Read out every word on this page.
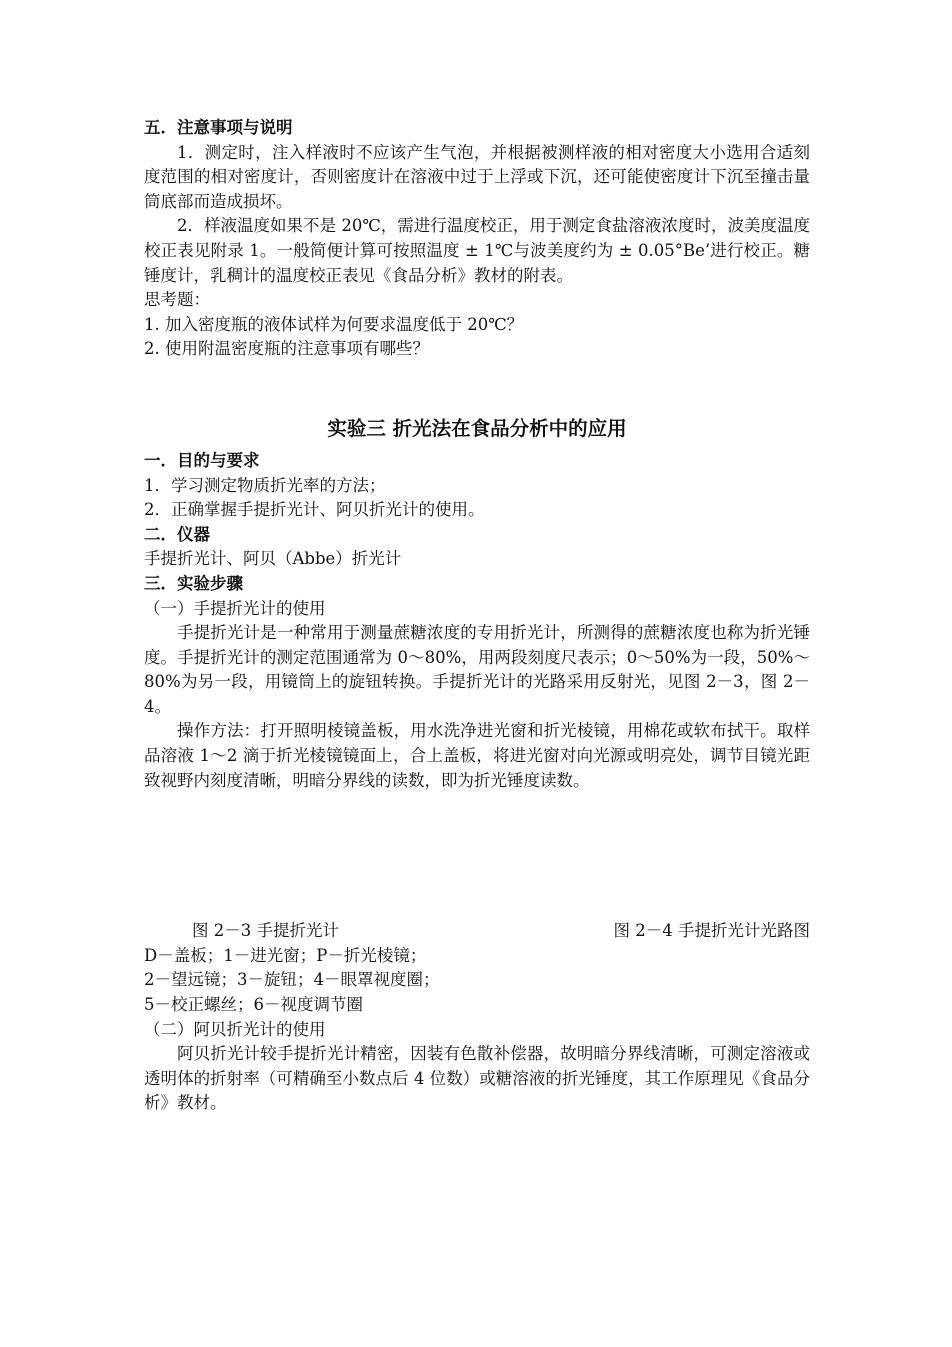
五．注意事项与说明
1．测定时，注入样液时不应该产生气泡，并根据被测样液的相对密度大小选用合适刻度范围的相对密度计，否则密度计在溶液中过于上浮或下沉，还可能使密度计下沉至撞击量筒底部而造成损坏。
2．样液温度如果不是 20℃，需进行温度校正，用于测定食盐溶液浓度时，波美度温度校正表见附录 1。一般简便计算可按照温度 ± 1℃与波美度约为 ± 0.05°Be’进行校正。糖锤度计，乳稠计的温度校正表见《食品分析》教材的附表。
思考题：
1. 加入密度瓶的液体试样为何要求温度低于 20℃？
2. 使用附温密度瓶的注意事项有哪些？
实验三 折光法在食品分析中的应用
一．目的与要求
1．学习测定物质折光率的方法；
2．正确掌握手提折光计、阿贝折光计的使用。
二．仪器
手提折光计、阿贝（Abbe）折光计
三．实验步骤
（一）手提折光计的使用
手提折光计是一种常用于测量蔗糖浓度的专用折光计，所测得的蔗糖浓度也称为折光锤度。手提折光计的测定范围通常为 0～80%，用两段刻度尺表示；0～50%为一段，50%～80%为另一段，用镜筒上的旋钮转换。手提折光计的光路采用反射光，见图 2－3，图 2－4。
操作方法：打开照明棱镜盖板，用水洗净进光窗和折光棱镜，用棉花或软布拭干。取样品溶液 1～2 滴于折光棱镜镜面上，合上盖板，将进光窗对向光源或明亮处，调节目镜光距致视野内刻度清晰，明暗分界线的读数，即为折光锤度读数。
图 2－3 手提折光计	图 2－4 手提折光计光路图
D－盖板；1－进光窗；P－折光棱镜；
2－望远镜；3－旋钮；4－眼罩视度圈；
5－校正螺丝；6－视度调节圈
（二）阿贝折光计的使用
阿贝折光计较手提折光计精密，因装有色散补偿器，故明暗分界线清晰，可测定溶液或透明体的折射率（可精确至小数点后 4 位数）或糖溶液的折光锤度，其工作原理见《食品分析》教材。
